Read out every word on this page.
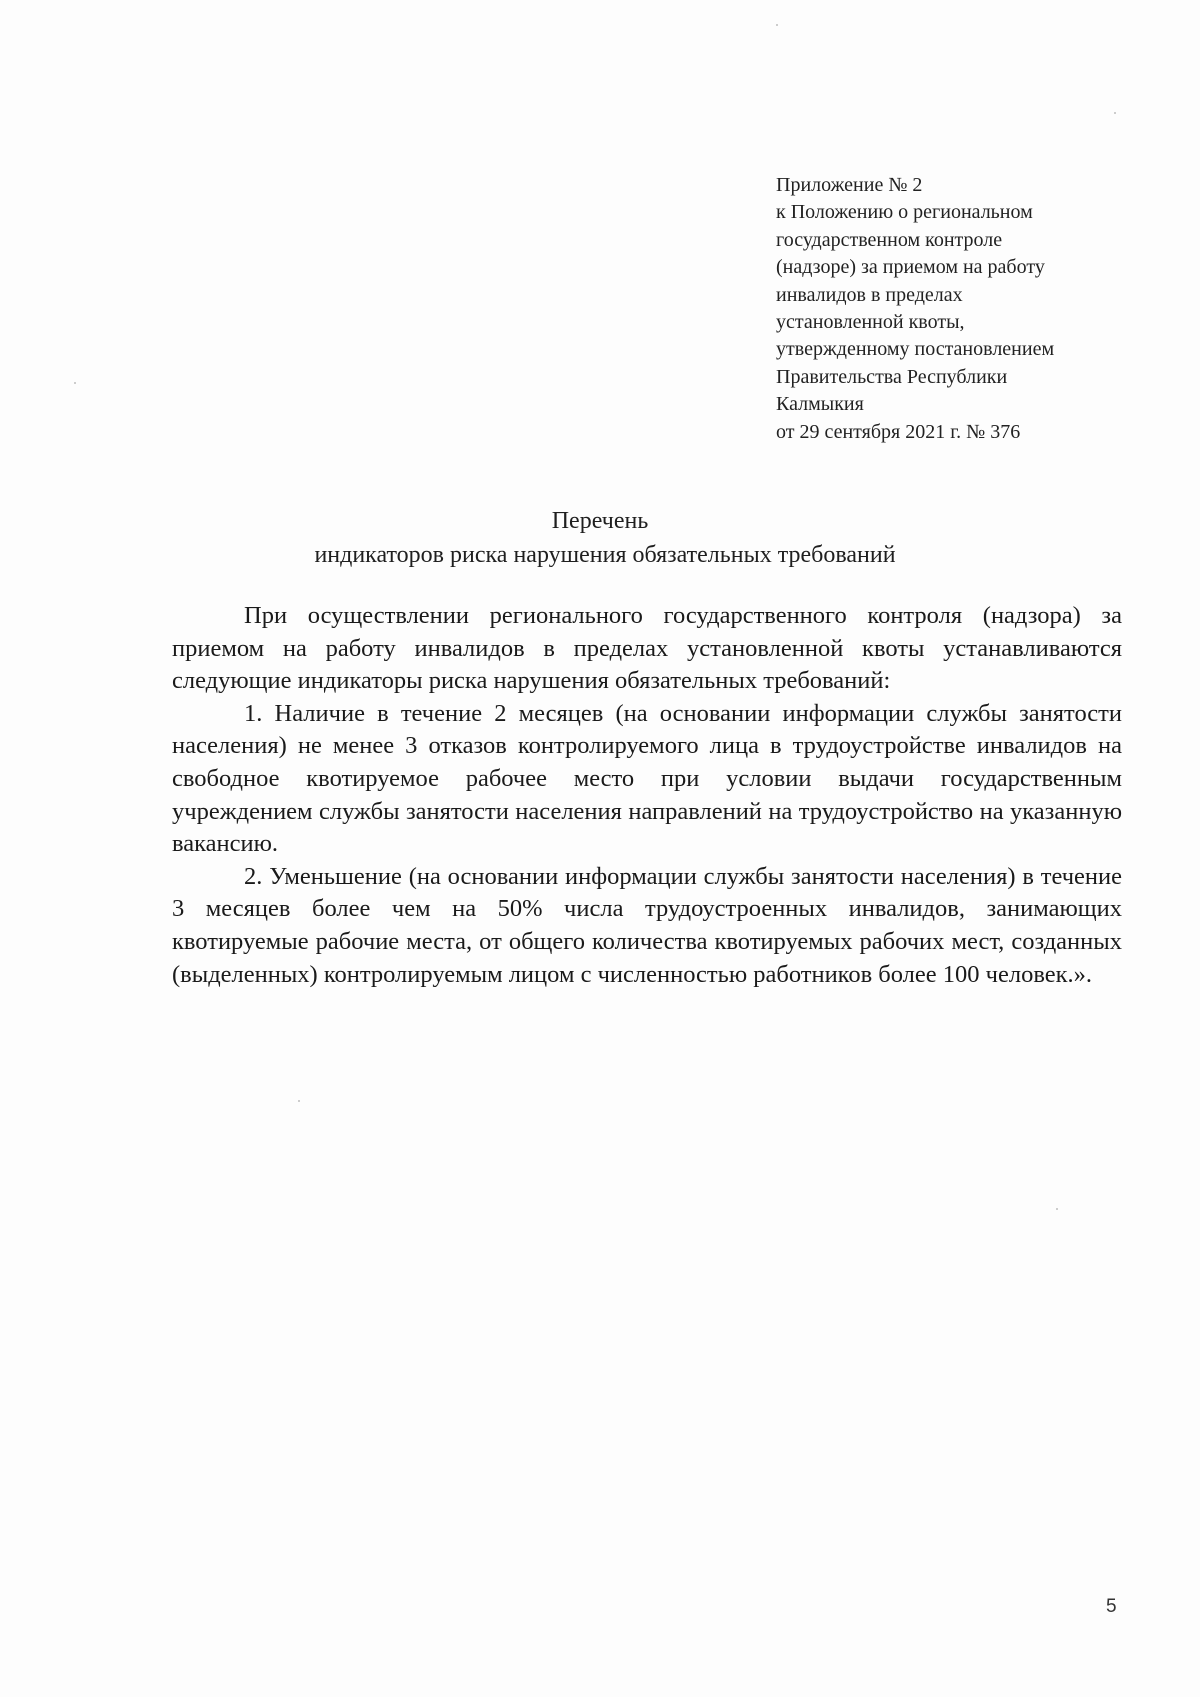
Приложение № 2
к Положению о региональном
государственном контроле
(надзоре) за приемом на работу
инвалидов в пределах
установленной квоты,
утвержденному постановлением
Правительства Республики
Калмыкия
от 29 сентября 2021 г. № 376
Перечень
индикаторов риска нарушения обязательных требований

При осуществлении регионального государственного контроля (надзора) за приемом на работу инвалидов в пределах установленной квоты устанавливаются следующие индикаторы риска нарушения обязательных требований:

1. Наличие в течение 2 месяцев (на основании информации службы занятости населения) не менее 3 отказов контролируемого лица в трудоустройстве инвалидов на свободное квотируемое рабочее место при условии выдачи государственным учреждением службы занятости населения направлений на трудоустройство на указанную вакансию.

2. Уменьшение (на основании информации службы занятости населения) в течение 3 месяцев более чем на 50% числа трудоустроенных инвалидов, занимающих квотируемые рабочие места, от общего количества квотируемых рабочих мест, созданных (выделенных) контролируемым лицом с численностью работников более 100 человек.».

5
